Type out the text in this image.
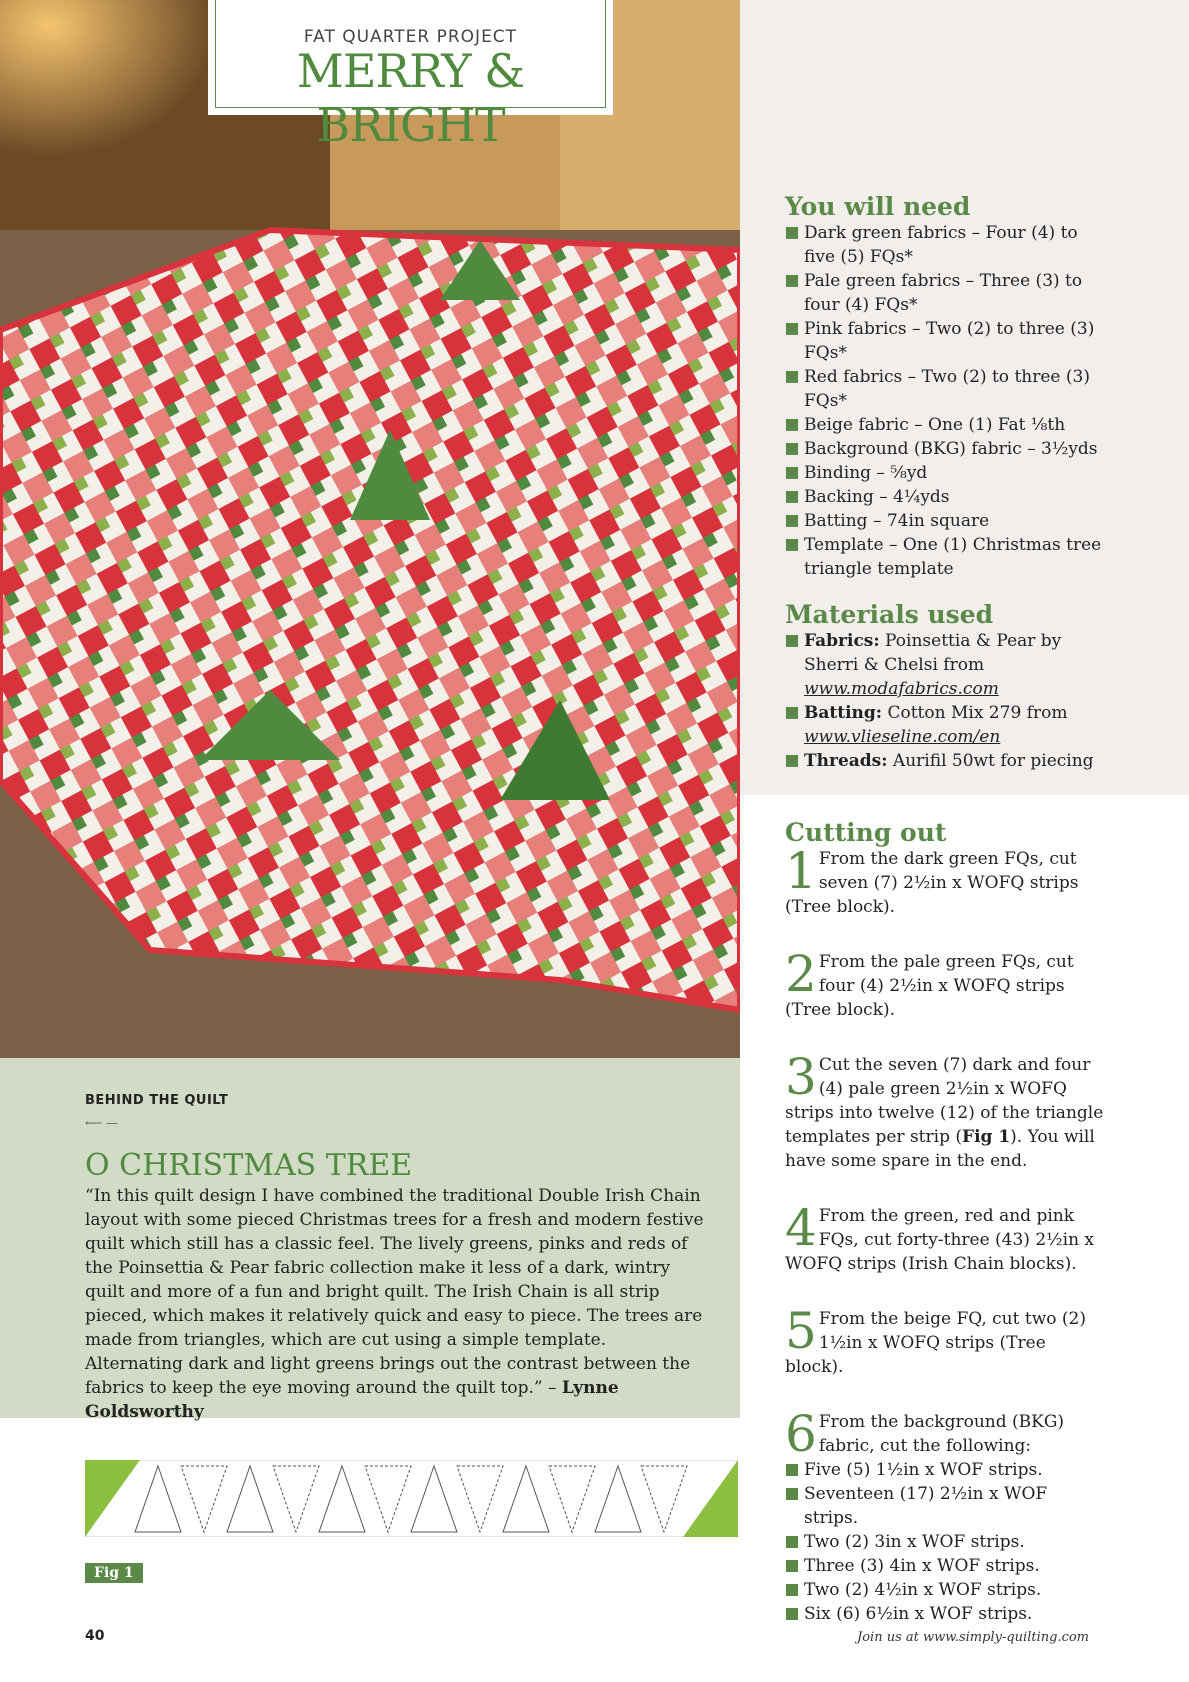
FAT QUARTER PROJECT
MERRY & BRIGHT
You will need
Dark green fabrics – Four (4) to five (5) FQs*
Pale green fabrics – Three (3) to four (4) FQs*
Pink fabrics – Two (2) to three (3) FQs*
Red fabrics – Two (2) to three (3) FQs*
Beige fabric – One (1) Fat ⅛th
Background (BKG) fabric – 3½yds
Binding – ⅝yd
Backing – 4¼yds
Batting – 74in square
Template – One (1) Christmas tree triangle template
Materials used
Fabrics: Poinsettia & Pear by Sherri & Chelsi from www.modafabrics.com
Batting: Cotton Mix 279 from www.vlieseline.com/en
Threads: Aurifil 50wt for piecing
Cutting out
1 From the dark green FQs, cut seven (7) 2½in x WOFQ strips (Tree block).
2 From the pale green FQs, cut four (4) 2½in x WOFQ strips (Tree block).
3 Cut the seven (7) dark and four (4) pale green 2½in x WOFQ strips into twelve (12) of the triangle templates per strip (Fig 1). You will have some spare in the end.
4 From the green, red and pink FQs, cut forty-three (43) 2½in x WOFQ strips (Irish Chain blocks).
5 From the beige FQ, cut two (2) 1½in x WOFQ strips (Tree block).
6 From the background (BKG) fabric, cut the following:
Five (5) 1½in x WOF strips.
Seventeen (17) 2½in x WOF strips.
Two (2) 3in x WOF strips.
Three (3) 4in x WOF strips.
Two (2) 4½in x WOF strips.
Six (6) 6½in x WOF strips.
BEHIND THE QUILT
⟵ —
O CHRISTMAS TREE
“In this quilt design I have combined the traditional Double Irish Chain layout with some pieced Christmas trees for a fresh and modern festive quilt which still has a classic feel. The lively greens, pinks and reds of the Poinsettia & Pear fabric collection make it less of a dark, wintry quilt and more of a fun and bright quilt. The Irish Chain is all strip pieced, which makes it relatively quick and easy to piece. The trees are made from triangles, which are cut using a simple template. Alternating dark and light greens brings out the contrast between the fabrics to keep the eye moving around the quilt top.” – Lynne Goldsworthy
Fig 1
40	Join us at www.simply-quilting.com
